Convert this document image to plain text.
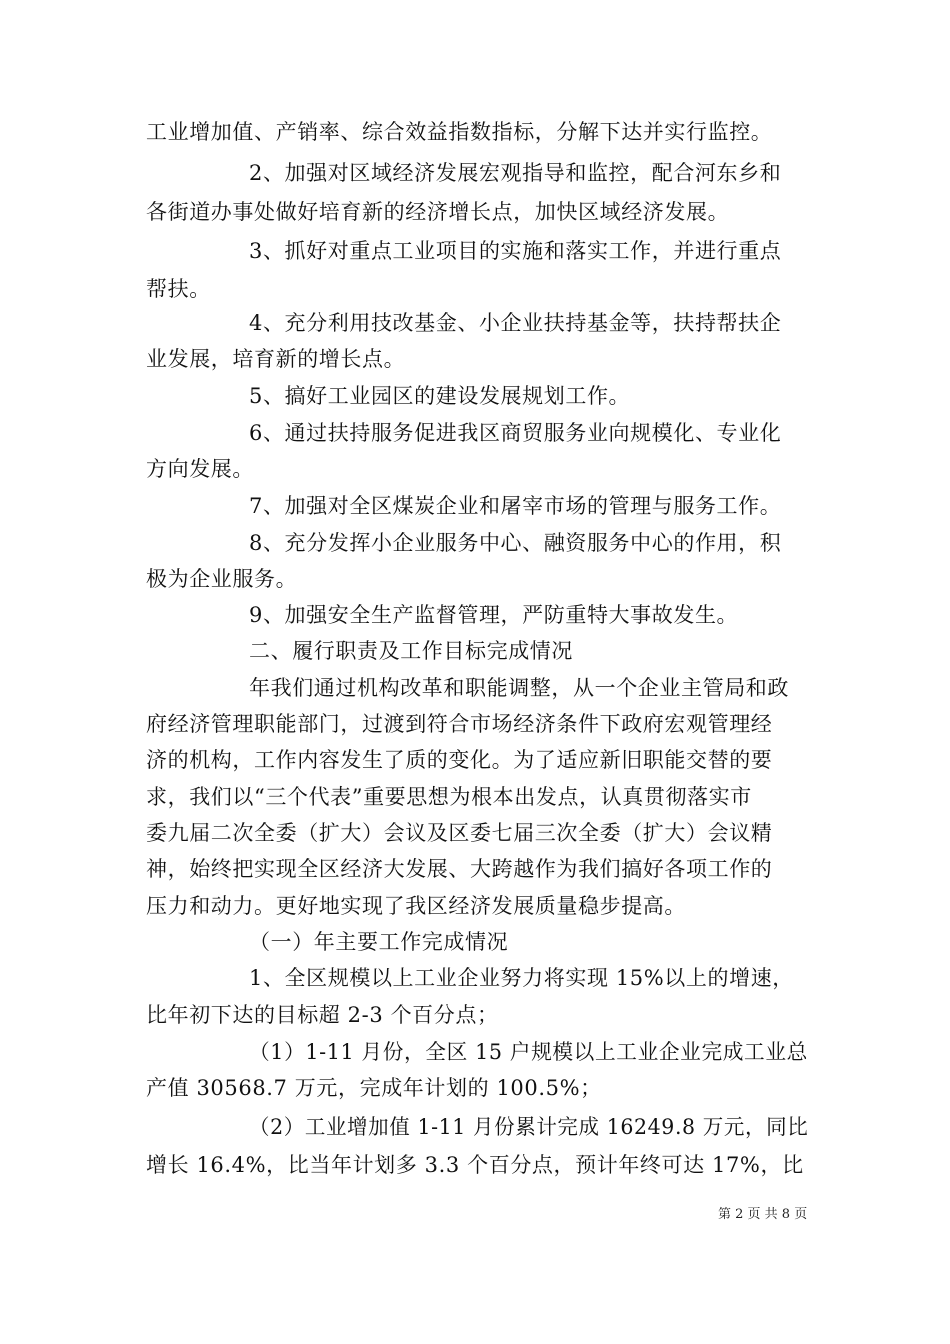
工业增加值、产销率、综合效益指数指标，分解下达并实行监控。
2、加强对区域经济发展宏观指导和监控，配合河东乡和
各街道办事处做好培育新的经济增长点，加快区域经济发展。
3、抓好对重点工业项目的实施和落实工作，并进行重点
帮扶。
4、充分利用技改基金、小企业扶持基金等，扶持帮扶企
业发展，培育新的增长点。
5、搞好工业园区的建设发展规划工作。
6、通过扶持服务促进我区商贸服务业向规模化、专业化
方向发展。
7、加强对全区煤炭企业和屠宰市场的管理与服务工作。
8、充分发挥小企业服务中心、融资服务中心的作用，积
极为企业服务。
9、加强安全生产监督管理，严防重特大事故发生。
二、履行职责及工作目标完成情况
年我们通过机构改革和职能调整，从一个企业主管局和政
府经济管理职能部门，过渡到符合市场经济条件下政府宏观管理经
济的机构，工作内容发生了质的变化。为了适应新旧职能交替的要
求，我们以“三个代表”重要思想为根本出发点，认真贯彻落实市
委九届二次全委（扩大）会议及区委七届三次全委（扩大）会议精
神，始终把实现全区经济大发展、大跨越作为我们搞好各项工作的
压力和动力。更好地实现了我区经济发展质量稳步提高。
（一）年主要工作完成情况
1、全区规模以上工业企业努力将实现 15%以上的增速，
比年初下达的目标超 2-3 个百分点；
（1）1-11 月份，全区 15 户规模以上工业企业完成工业总
产值 30568.7 万元，完成年计划的 100.5%；
（2）工业增加值 1-11 月份累计完成 16249.8 万元，同比
增长 16.4%，比当年计划多 3.3 个百分点，预计年终可达 17%，比
第 2 页 共 8 页
